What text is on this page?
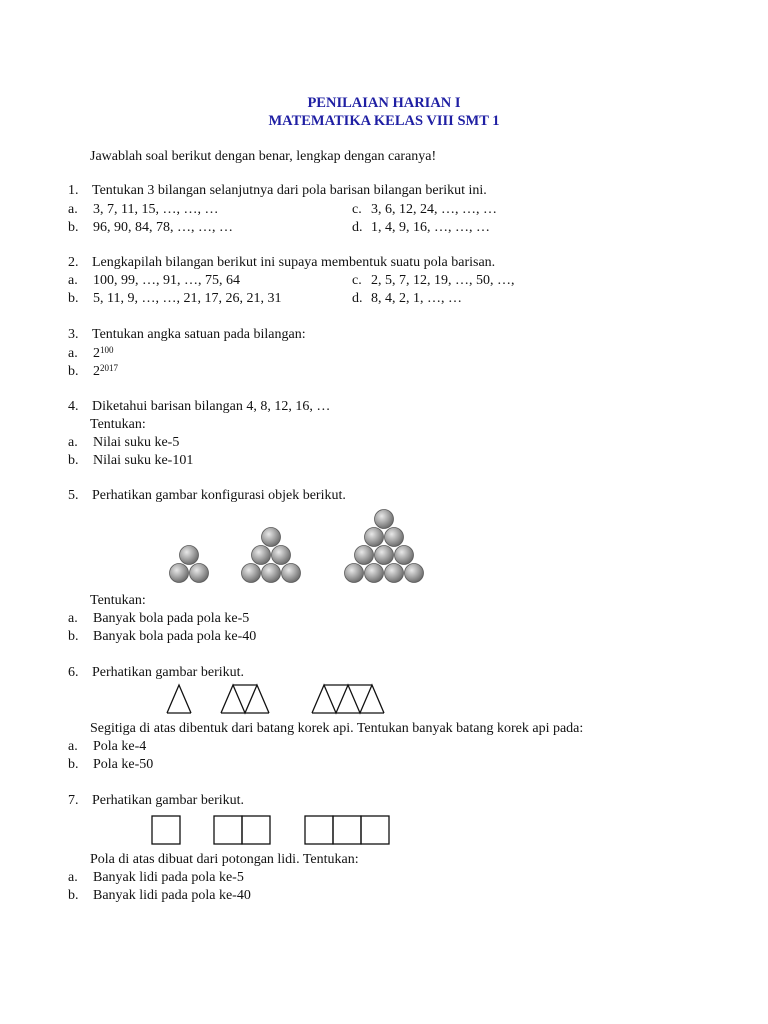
PENILAIAN HARIAN I
MATEMATIKA KELAS VIII SMT 1
Jawablah soal berikut dengan benar, lengkap dengan caranya!
1. Tentukan 3 bilangan selanjutnya dari pola barisan bilangan berikut ini.
a. 3, 7, 11, 15, …, …, …	c. 3, 6, 12, 24, …, …, …
b. 96, 90, 84, 78, …, …, …	d. 1, 4, 9, 16, …, …, …
2. Lengkapilah bilangan berikut ini supaya membentuk suatu pola barisan.
a. 100, 99, …, 91, …, 75, 64	c. 2, 5, 7, 12, 19, …, 50, …,
b. 5, 11, 9, …, …, 21, 17, 26, 21, 31	d. 8, 4, 2, 1, …, …
3. Tentukan angka satuan pada bilangan:
a. $2^{100}$
b. $2^{2017}$
4. Diketahui barisan bilangan 4, 8, 12, 16, …
Tentukan:
a. Nilai suku ke-5
b. Nilai suku ke-101
5. Perhatikan gambar konfigurasi objek berikut.
Tentukan:
a. Banyak bola pada pola ke-5
b. Banyak bola pada pola ke-40
6. Perhatikan gambar berikut.
Segitiga di atas dibentuk dari batang korek api. Tentukan banyak batang korek api pada:
a. Pola ke-4
b. Pola ke-50
7. Perhatikan gambar berikut.
Pola di atas dibuat dari potongan lidi. Tentukan:
a. Banyak lidi pada pola ke-5
b. Banyak lidi pada pola ke-40
